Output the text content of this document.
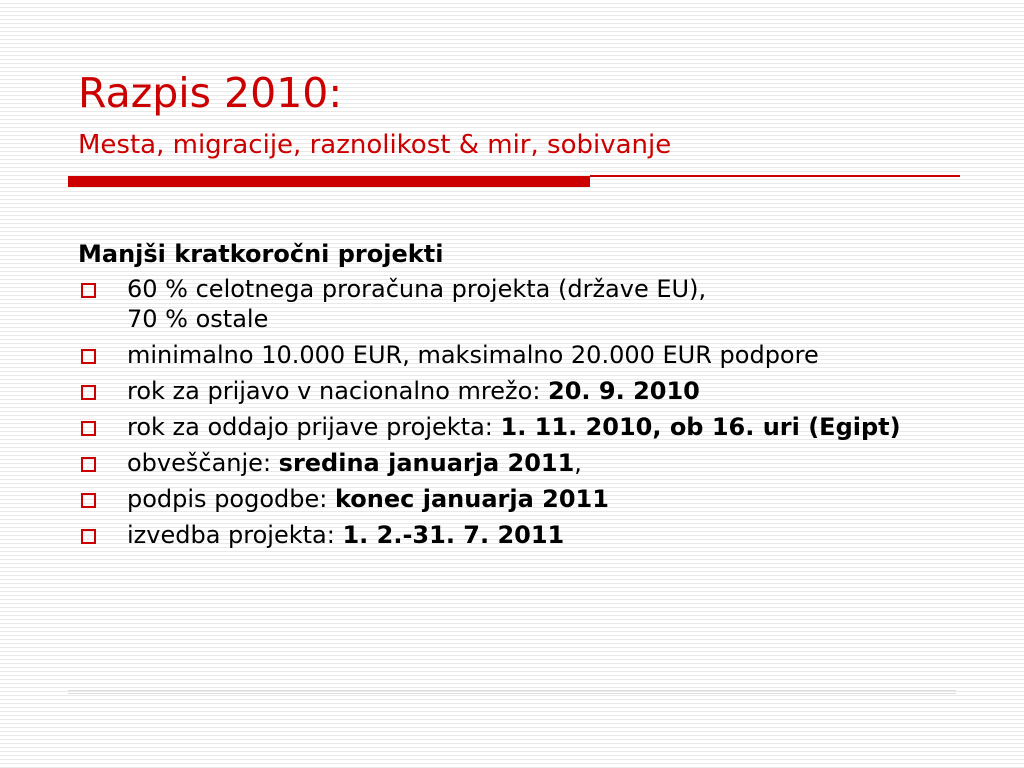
Razpis 2010:
Mesta, migracije, raznolikost & mir, sobivanje

Manjši kratkoročni projekti

60 % celotnega proračuna projekta (države EU),
70 % ostale
minimalno 10.000 EUR, maksimalno 20.000 EUR podpore
rok za prijavo v nacionalno mrežo: 20. 9. 2010
rok za oddajo prijave projekta: 1. 11. 2010, ob 16. uri (Egipt)
obveščanje: sredina januarja 2011,
podpis pogodbe: konec januarja 2011
izvedba projekta: 1. 2.-31. 7. 2011
